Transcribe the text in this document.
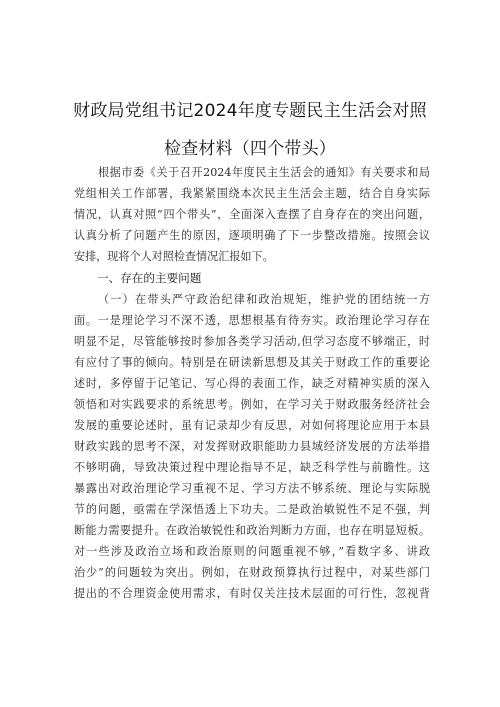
财政局党组书记2024年度专题民主生活会对照
检查材料（四个带头）
根据市委《关于召开2024年度民主生活会的通知》有关要求和局
党组相关工作部署，我紧紧围绕本次民主生活会主题，结合自身实际
情况，认真对照“四个带头”，全面深入查摆了自身存在的突出问题，
认真分析了问题产生的原因，逐项明确了下一步整改措施。按照会议
安排，现将个人对照检查情况汇报如下。
一、存在的主要问题
（一）在带头严守政治纪律和政治规矩，维护党的团结统一方
面。一是理论学习不深不透，思想根基有待夯实。政治理论学习存在
明显不足，尽管能够按时参加各类学习活动,但学习态度不够端正，时
有应付了事的倾向。特别是在研读新思想及其关于财政工作的重要论
述时，多停留于记笔记、写心得的表面工作，缺乏对精神实质的深入
领悟和对实践要求的系统思考。例如，在学习关于财政服务经济社会
发展的重要论述时，虽有记录却少有反思，对如何将理论应用于本县
财政实践的思考不深，对发挥财政职能助力县域经济发展的方法举措
不够明确，导致决策过程中理论指导不足，缺乏科学性与前瞻性。这
暴露出对政治理论学习重视不足、学习方法不够系统、理论与实际脱
节的问题，亟需在学深悟透上下功夫。二是政治敏锐性不足不强，判
断能力需要提升。在政治敏锐性和政治判断力方面，也存在明显短板。
对一些涉及政治立场和政治原则的问题重视不够，”看数字多、讲政
治少”的问题较为突出。例如，在财政预算执行过程中，对某些部门
提出的不合理资金使用需求，有时仅关注技术层面的可行性，忽视背
